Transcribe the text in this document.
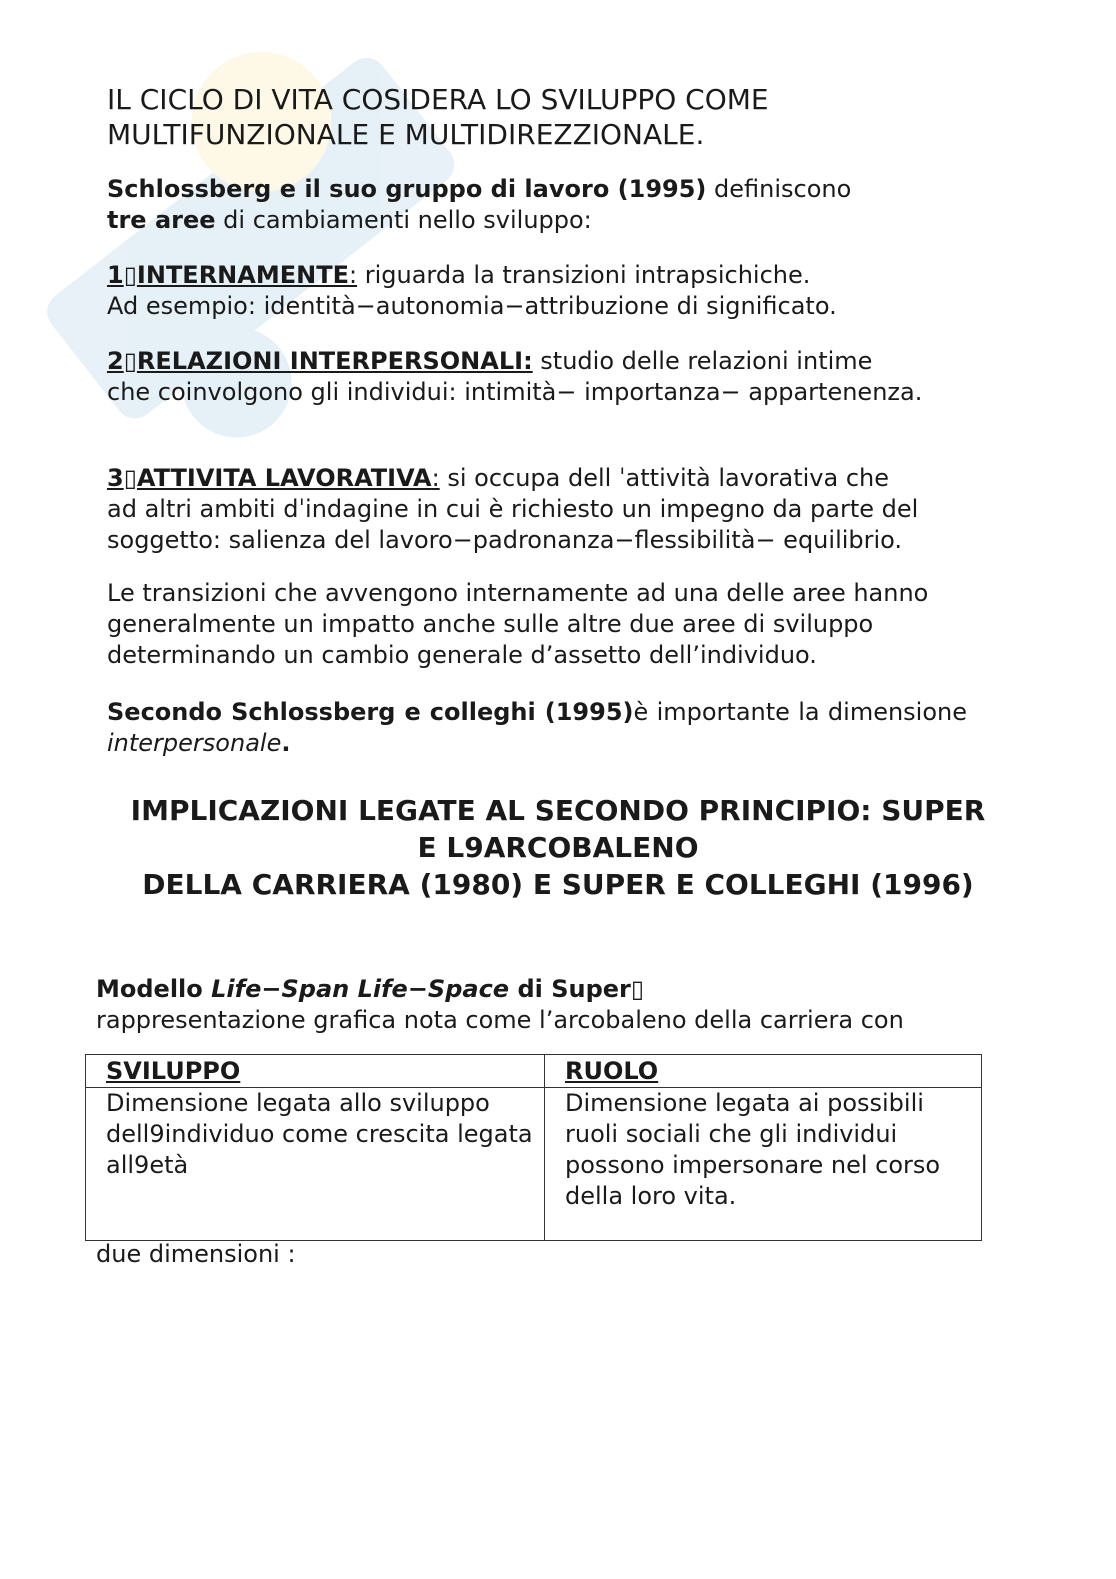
IL CICLO DI VITA COSIDERA LO SVILUPPO COME
MULTIFUNZIONALE E MULTIDIREZZIONALE.

Schlossberg e il suo gruppo di lavoro (1995) definiscono
tre aree di cambiamenti nello sviluppo:

1▯INTERNAMENTE: riguarda la transizioni intrapsichiche.
Ad esempio: identità−autonomia−attribuzione di significato.

2▯RELAZIONI INTERPERSONALI: studio delle relazioni intime
che coinvolgono gli individui: intimità− importanza− appartenenza.

3▯ATTIVITA LAVORATIVA: si occupa dell ˈattività lavorativa che
ad altri ambiti dˈindagine in cui è richiesto un impegno da parte del soggetto: salienza del lavoro−padronanza−flessibilità− equilibrio.

Le transizioni che avvengono internamente ad una delle aree hanno generalmente un impatto anche sulle altre due aree di sviluppo determinando un cambio generale d’assetto dell’individuo.

Secondo Schlossberg e colleghi (1995)è importante la dimensione interpersonale.

IMPLICAZIONI LEGATE AL SECONDO PRINCIPIO: SUPER
E L9ARCOBALENO
DELLA CARRIERA (1980) E SUPER E COLLEGHI (1996)

Modello Life−Span Life−Space di Super▯
rappresentazione grafica nota come l’arcobaleno della carriera con

SVILUPPO	RUOLO
Dimensione legata allo sviluppo dell9individuo come crescita legata all9età	Dimensione legata ai possibili ruoli sociali che gli individui possono impersonare nel corso della loro vita.

due dimensioni :
